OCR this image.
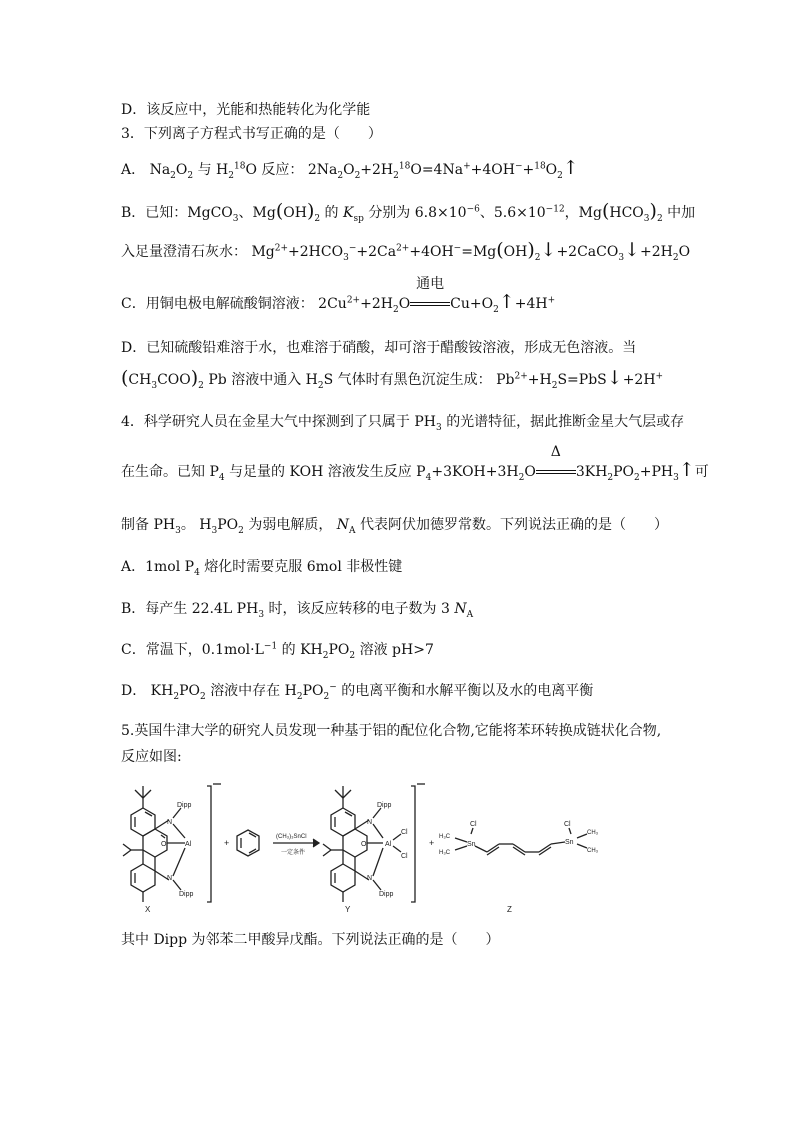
D．该反应中，光能和热能转化为化学能
3．下列离子方程式书写正确的是（　　）
A． $Na_2O_2$ 与 $H_2^{18}O$ 反应： $2Na_2O_2+2H_2^{18}O=4Na^++4OH^-+^{18}O_2↑$
B．已知：MgCO$_3$、$Mg(OH)_2$ 的 $K_{sp}$ 分别为 $6.8\times 10^{-6}$、$5.6\times 10^{-12}$，$Mg(HCO_3)_2$ 中加
入足量澄清石灰水： $Mg^{2+}+2HCO_3^-+2Ca^{2+}+4OH^-=Mg(OH)_2↓+2CaCO_3↓+2H_2O$
C．用铜电极电解硫酸铜溶液： $2Cu^{2+}+2H_2O$
通电
$Cu+O_2↑+4H^+$
D．已知硫酸铅难溶于水，也难溶于硝酸，却可溶于醋酸铵溶液，形成无色溶液。当
$(CH_3COO)_2$ Pb 溶液中通入 $H_2S$ 气体时有黑色沉淀生成： $Pb^{2+}+H_2S=PbS↓+2H^+$
4．科学研究人员在金星大气中探测到了只属于 $PH_3$ 的光谱特征，据此推断金星大气层或存
在生命。已知 $P_4$ 与足量的 KOH 溶液发生反应 $P_4+3KOH+3H_2O$
Δ
$3KH_2PO_2+PH_3↑$可
制备 $PH_3$。 $H_3PO_2$ 为弱电解质， $N_A$ 代表阿伏加德罗常数。下列说法正确的是（　　）
A．1mol $P_4$ 熔化时需要克服 6mol 非极性键
B．每产生 22.4L $PH_3$ 时，该反应转移的电子数为 3 $N_A$
C．常温下，$0.1mol\cdot L^{-1}$ 的 $KH_2PO_2$ 溶液 pH>7
D． $KH_2PO_2$ 溶液中存在 $H_2PO_2^-$ 的电离平衡和水解平衡以及水的电离平衡
5.英国牛津大学的研究人员发现一种基于铝的配位化合物,它能将苯环转换成链状化合物,
反应如图:
Dipp
Dipp
N
N
O	Al	+
(CH₃)₃SnCl
一定条件
Dipp
Dipp
N
N
O	Al
Cl
Cl
+
H₃C
H₃C
Sn
Cl
Sn
Cl
CH₃
CH₃
X	Y	Z
其中 Dipp 为邻苯二甲酸异戊酯。下列说法正确的是（　　）
